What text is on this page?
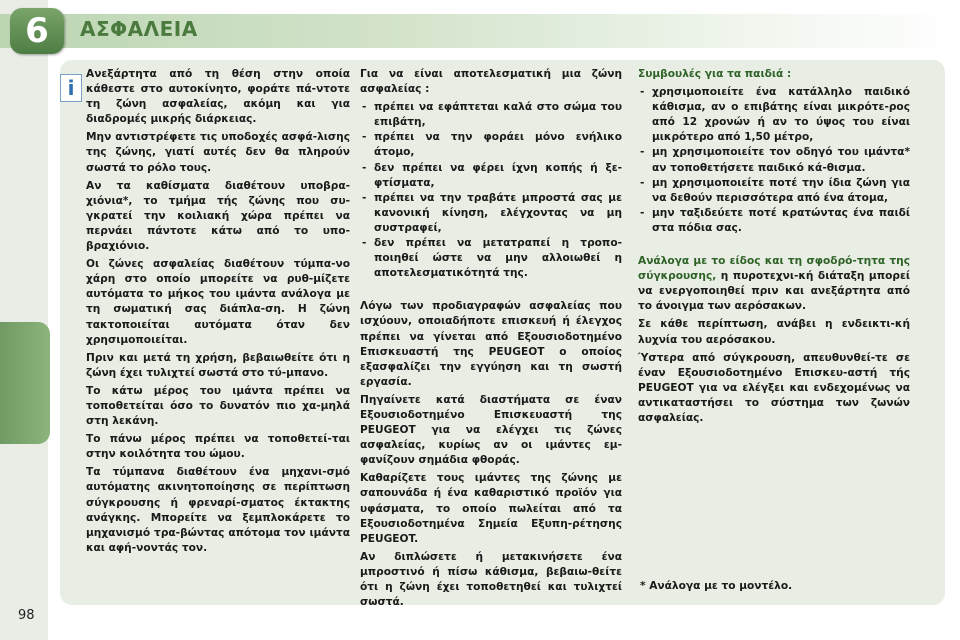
6	ΑΣΦΑΛΕΙΑ
i

Ανεξάρτητα από τη θέση στην οποία κάθεστε στο αυτοκίνητο, φοράτε πά-ντοτε τη ζώνη ασφαλείας, ακόμη και για διαδρομές μικρής διάρκειας.

Μην αντιστρέφετε τις υποδοχές ασφά-λισης της ζώνης, γιατί αυτές δεν θα πληρούν σωστά το ρόλο τους.

Αν τα καθίσματα διαθέτουν υποβρα-χιόνια*, το τμήμα τής ζώνης που συ-γκρατεί την κοιλιακή χώρα πρέπει να περνάει πάντοτε κάτω από το υπο-βραχιόνιο.

Οι ζώνες ασφαλείας διαθέτουν τύμπα-νο χάρη στο οποίο μπορείτε να ρυθ-μίζετε αυτόματα το μήκος του ιμάντα ανάλογα με τη σωματική σας διάπλα-ση. Η ζώνη τακτοποιείται αυτόματα όταν δεν χρησιμοποιείται.

Πριν και μετά τη χρήση, βεβαιωθείτε ότι η ζώνη έχει τυλιχτεί σωστά στο τύ-μπανο.

Το κάτω μέρος του ιμάντα πρέπει να τοποθετείται όσο το δυνατόν πιο χα-μηλά στη λεκάνη.

Το πάνω μέρος πρέπει να τοποθετεί-ται στην κοιλότητα του ώμου.

Τα τύμπανα διαθέτουν ένα μηχανι-σμό αυτόματης ακινητοποίησης σε περίπτωση σύγκρουσης ή φρεναρί-σματος έκτακτης ανάγκης. Μπορείτε να ξεμπλοκάρετε το μηχανισμό τρα-βώντας απότομα τον ιμάντα και αφή-νοντάς τον.

Για να είναι αποτελεσματική μια ζώνη ασφαλείας :

- πρέπει να εφάπτεται καλά στο σώμα του επιβάτη,
- πρέπει να την φοράει μόνο ενήλικο άτομο,
- δεν πρέπει να φέρει ίχνη κοπής ή ξε-φτίσματα,
- πρέπει να την τραβάτε μπροστά σας με κανονική κίνηση, ελέγχοντας να μη συστραφεί,
- δεν πρέπει να μετατραπεί η τροπο-ποιηθεί ώστε να μην αλλοιωθεί η αποτελεσματικότητά της.

Λόγω των προδιαγραφών ασφαλείας που ισχύουν, οποιαδήποτε επισκευή ή έλεγχος πρέπει να γίνεται από Εξουσιοδοτημένο Επισκευαστή της PEUGEOT ο οποίος εξασφαλίζει την εγγύηση και τη σωστή εργασία.

Πηγαίνετε κατά διαστήματα σε έναν Εξουσιοδοτημένο Επισκευαστή της PEUGEOT για να ελέγχει τις ζώνες ασφαλείας, κυρίως αν οι ιμάντες εμ-φανίζουν σημάδια φθοράς.

Καθαρίζετε τους ιμάντες της ζώνης με σαπουνάδα ή ένα καθαριστικό προϊόν για υφάσματα, το οποίο πωλείται από τα Εξουσιοδοτημένα Σημεία Εξυπη-ρέτησης PEUGEOT.

Αν διπλώσετε ή μετακινήσετε ένα μπροστινό ή πίσω κάθισμα, βεβαιω-θείτε ότι η ζώνη έχει τοποθετηθεί και τυλιχτεί σωστά.

Συμβουλές για τα παιδιά :

- χρησιμοποιείτε ένα κατάλληλο παιδικό κάθισμα, αν ο επιβάτης είναι μικρότε-ρος από 12 χρονών ή αν το ύψος του είναι μικρότερο από 1,50 μέτρο,
- μη χρησιμοποιείτε τον οδηγό του ιμάντα* αν τοποθετήσετε παιδικό κά-θισμα.
- μη χρησιμοποιείτε ποτέ την ίδια ζώνη για να δεθούν περισσότερα από ένα άτομα,
- μην ταξιδεύετε ποτέ κρατώντας ένα παιδί στα πόδια σας.

Ανάλογα με το είδος και τη σφοδρό-τητα της σύγκρουσης, η πυροτεχνι-κή διάταξη μπορεί να ενεργοποιηθεί πριν και ανεξάρτητα από το άνοιγμα των αερόσακων.

Σε κάθε περίπτωση, ανάβει η ενδεικτι-κή λυχνία του αερόσακου.

Ύστερα από σύγκρουση, απευθυνθεί-τε σε έναν Εξουσιοδοτημένο Επισκευ-αστή τής PEUGEOT για να ελέγξει και ενδεχομένως να αντικαταστήσει το σύστημα των ζωνών ασφαλείας.

* Ανάλογα με το μοντέλο.
98
